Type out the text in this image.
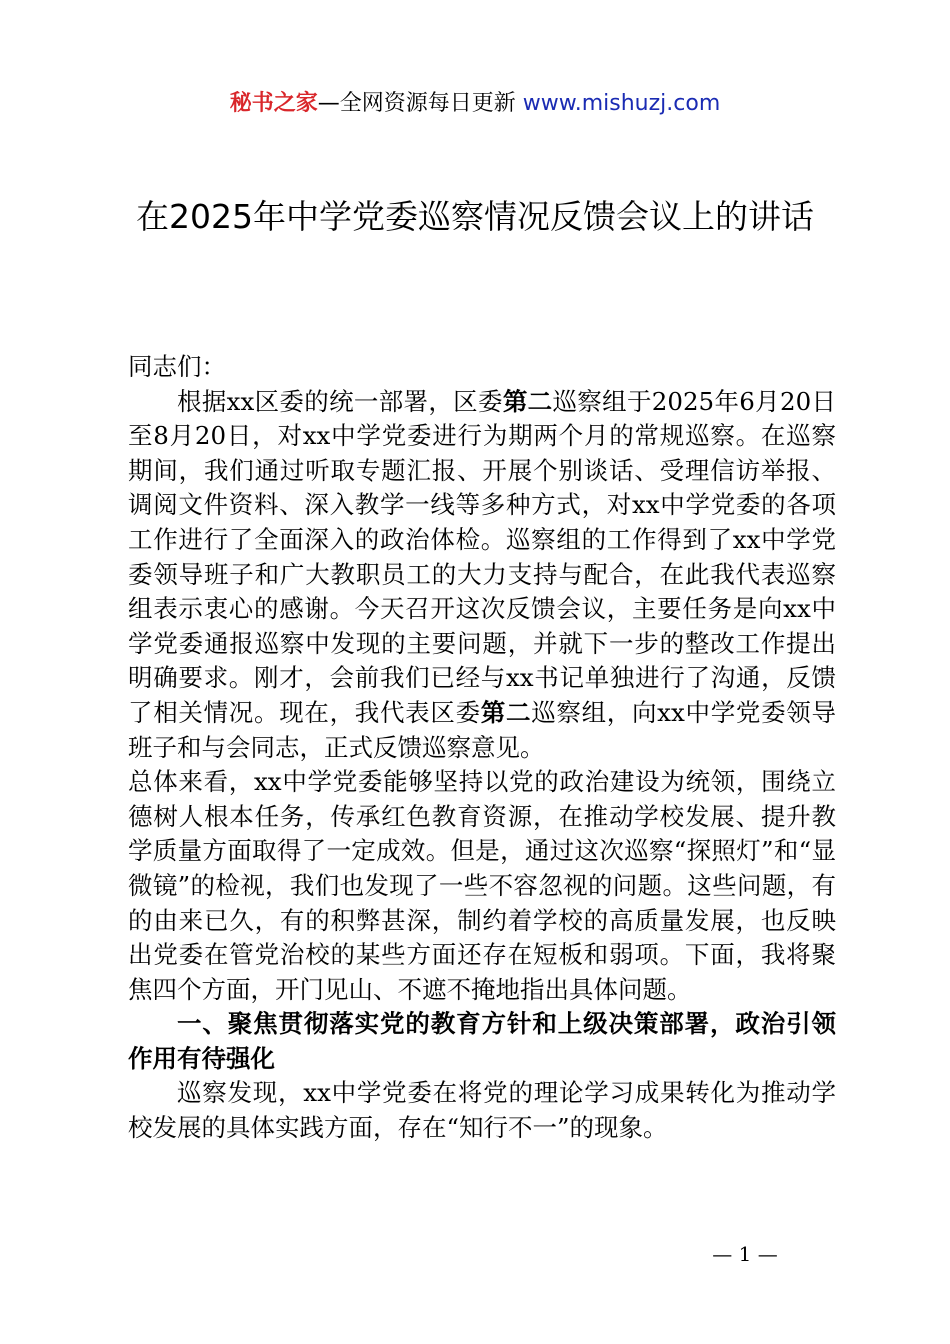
秘书之家—全网资源每日更新 www.mishuzj.com
在2025年中学党委巡察情况反馈会议上的讲话

同志们：

根据xx区委的统一部署，区委第二巡察组于2025年6月20日至8月20日，对xx中学党委进行为期两个月的常规巡察。在巡察期间，我们通过听取专题汇报、开展个别谈话、受理信访举报、调阅文件资料、深入教学一线等多种方式，对xx中学党委的各项工作进行了全面深入的政治体检。巡察组的工作得到了xx中学党委领导班子和广大教职员工的大力支持与配合，在此我代表巡察组表示衷心的感谢。今天召开这次反馈会议，主要任务是向xx中学党委通报巡察中发现的主要问题，并就下一步的整改工作提出明确要求。刚才，会前我们已经与xx书记单独进行了沟通，反馈了相关情况。现在，我代表区委第二巡察组，向xx中学党委领导班子和与会同志，正式反馈巡察意见。

总体来看，xx中学党委能够坚持以党的政治建设为统领，围绕立德树人根本任务，传承红色教育资源，在推动学校发展、提升教学质量方面取得了一定成效。但是，通过这次巡察“探照灯”和“显微镜”的检视，我们也发现了一些不容忽视的问题。这些问题，有的由来已久，有的积弊甚深，制约着学校的高质量发展，也反映出党委在管党治校的某些方面还存在短板和弱项。下面，我将聚焦四个方面，开门见山、不遮不掩地指出具体问题。

一、聚焦贯彻落实党的教育方针和上级决策部署，政治引领作用有待强化

巡察发现，xx中学党委在将党的理论学习成果转化为推动学校发展的具体实践方面，存在“知行不一”的现象。

— 1 —
